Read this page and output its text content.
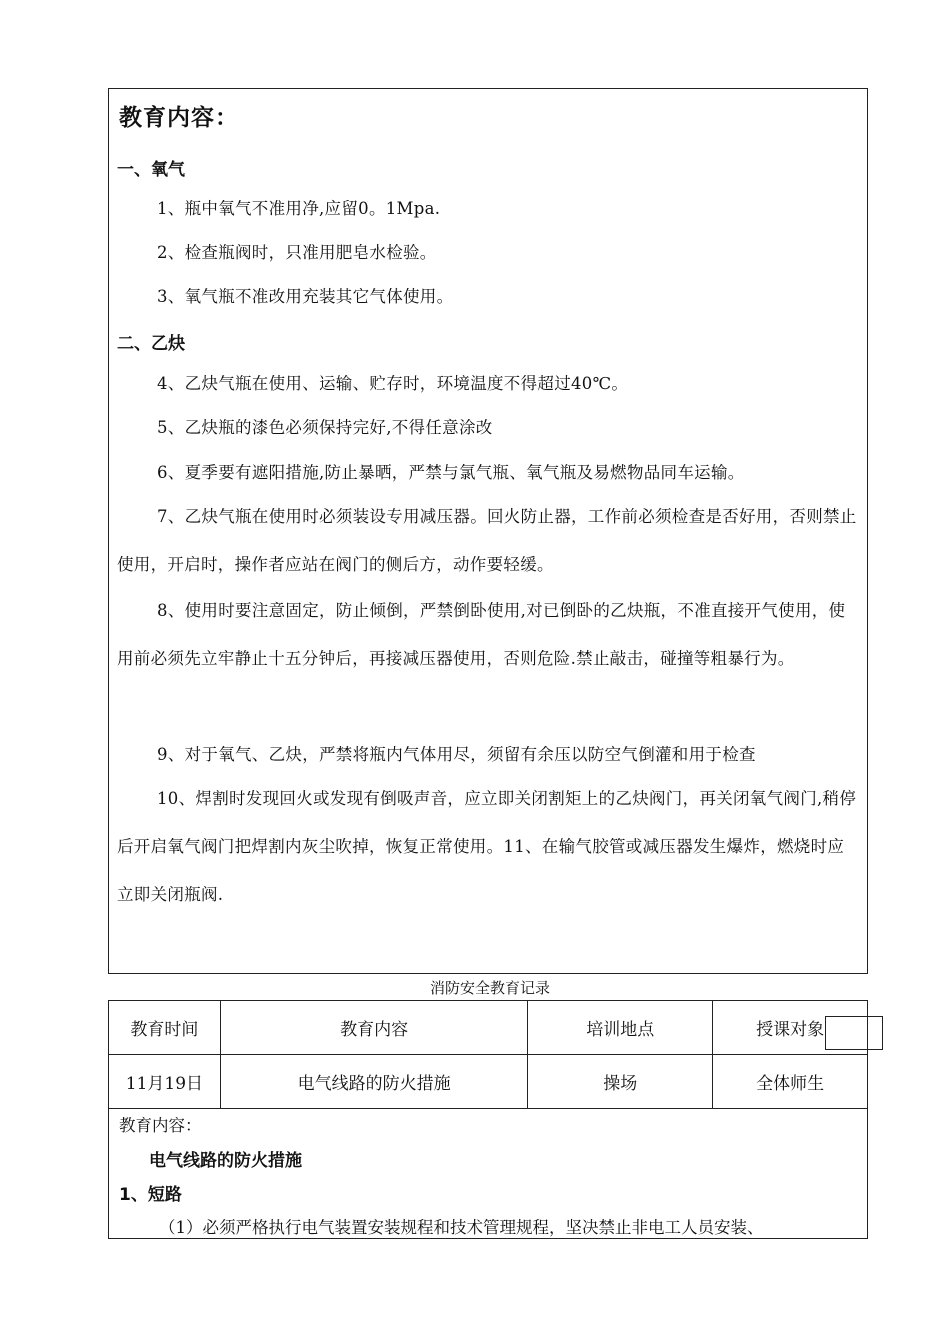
教育内容：
一、氧气
1、瓶中氧气不准用净,应留0。1Mpa.
2、检查瓶阀时，只准用肥皂水检验。
3、氧气瓶不准改用充装其它气体使用。
二、乙炔
4、乙炔气瓶在使用、运输、贮存时，环境温度不得超过40℃。
5、乙炔瓶的漆色必须保持完好,不得任意涂改
6、夏季要有遮阳措施,防止暴晒，严禁与氯气瓶、氧气瓶及易燃物品同车运输。
7、乙炔气瓶在使用时必须装设专用减压器。回火防止器，工作前必须检查是否好用，否则禁止使用，开启时，操作者应站在阀门的侧后方，动作要轻缓。
8、使用时要注意固定，防止倾倒，严禁倒卧使用,对已倒卧的乙炔瓶，不准直接开气使用，使用前必须先立牢静止十五分钟后，再接减压器使用，否则危险.禁止敲击，碰撞等粗暴行为。
9、对于氧气、乙炔，严禁将瓶内气体用尽，须留有余压以防空气倒灌和用于检查
10、焊割时发现回火或发现有倒吸声音，应立即关闭割矩上的乙炔阀门，再关闭氧气阀门,稍停后开启氧气阀门把焊割内灰尘吹掉，恢复正常使用。11、在输气胶管或减压器发生爆炸，燃烧时应立即关闭瓶阀.
消防安全教育记录
教育时间	教育内容	培训地点	授课对象
11月19日	电气线路的防火措施	操场	全体师生
教育内容：
电气线路的防火措施
1、短路
（1）必须严格执行电气装置安装规程和技术管理规程，坚决禁止非电工人员安装、
